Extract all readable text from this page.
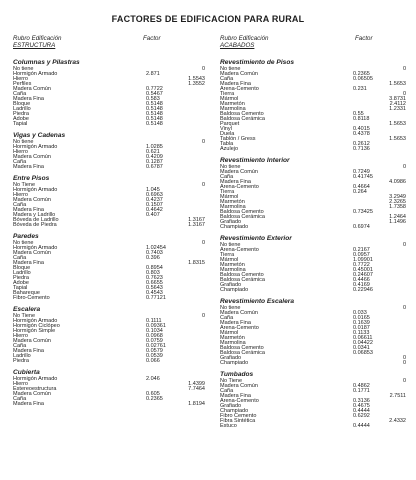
FACTORES DE EDIFICACION PARA RURAL
Rubro Edificación
ESTRUCTURA
Factor
Columnas y Pilastras
No tiene	0
Hormigón Armado	2.871
Hierro	1.5543
Perfiles	1.3552
Madera Común	0.7722
Caña	0.5467
Madera Fina	0.583
Bloque	0.5148
Ladrillo	0.5148
Piedra	0.5148
Adobe	0.5148
Tapial	0.5148
Vigas y Cadenas
No tiene	0
Hormigón Armado	1.0285
Hierro	0.621
Madera Común	0.4209
Caña	0.1287
Madera Fina	0.6787
Entre Pisos
No Tiene	0
Hormigón Armado	1.045
Hierro	0.6963
Madera Común	0.4237
Caña	0.1507
Madera Fina	0.4642
Madera y Ladrillo	0.407
Bóveda de Ladrillo	1.3167
Bóveda de Piedra	1.3167
Paredes
No tiene	0
Hormigón Armado	1.02454
Madera Común	0.7403
Caña	0.396
Madera Fina	1.8315
Bloque	0.8954
Ladrillo	0.803
Piedra	0.7623
Adobe	0.6655
Tapial	0.5643
Bahareque	0.4543
Fibro-Cemento	0.77121
Escalera
No Tiene	0
Hormigón Armado	0.1111
Hormigón Ciclópeo	0.09361
Hormigón Simple	0.1034
Hierro	0.0968
Madera Común	0.0759
Caña	0.02761
Madera Fina	0.0579
Ladrillo	0.0539
Piedra	0.066
Cubierta
Hormigón Armado	2.046
Hierro	1.4399
Estereoestructura	7.7464
Madera Común	0.605
Caña	0.2365
Madera Fina	1.8194
Rubro Edificación
ACABADOS
Factor
Revestimiento de Pisos
No tiene	0
Madera Común	0.2365
Caña	0.06505
Madera Fina	1.5653
Arena-Cemento	0.231
Tierra	0
Mármol	3.8731
Marmetón	2.4112
Marmolina	1.2331
Baldosa Cemento	0.55
Baldosa Cerámica	0.8118
Parquet	1.5653
Vinyl	0.4015
Duela	0.4378
Tablón / Gress	1.5653
Tabla	0.2612
Azulejo	0.7136
Revestimiento Interior
No tiene	0
Madera Común	0.7249
Caña	0.41745
Madera Fina	4.0986
Arena-Cemento	0.4664
Tierra	0.264
Mármol	3.2949
Marmetón	2.3265
Marmolina	1.7358
Baldosa Cemento	0.73425
Baldosa Cerámica	1.2464
Grafiado	1.1496
Champiado	0.6974
Revestimiento Exterior
No tiene	0
Arena-Cemento	0.2167
Tierra	0.0957
Mármol	1.09901
Marmetón	0.7722
Marmolina	0.45001
Baldosa Cemento	0.24607
Baldosa Cerámica	0.4466
Grafiado	0.4169
Champiado	0.22946
Revestimiento Escalera
No tiene	0
Madera Común	0.033
Caña	0.0165
Madera Fina	0.1639
Arena-Cemento	0.0187
Mármol	0.1133
Marmetón	0.06611
Marmolina	0.04422
Baldosa Cemento	0.0341
Baldosa Cerámica	0.06853
Grafiado	0
Champiado	0
Tumbados
No Tiene	0
Madera Común	0.4862
Caña	0.1771
Madera Fina	2.7511
Arena-Cemento	0.3136
Grafiado	0.4675
Champiado	0.4444
Fibro Cemento	0.6292
Fibra Sintética	2.4332
Estuco	0.4444
